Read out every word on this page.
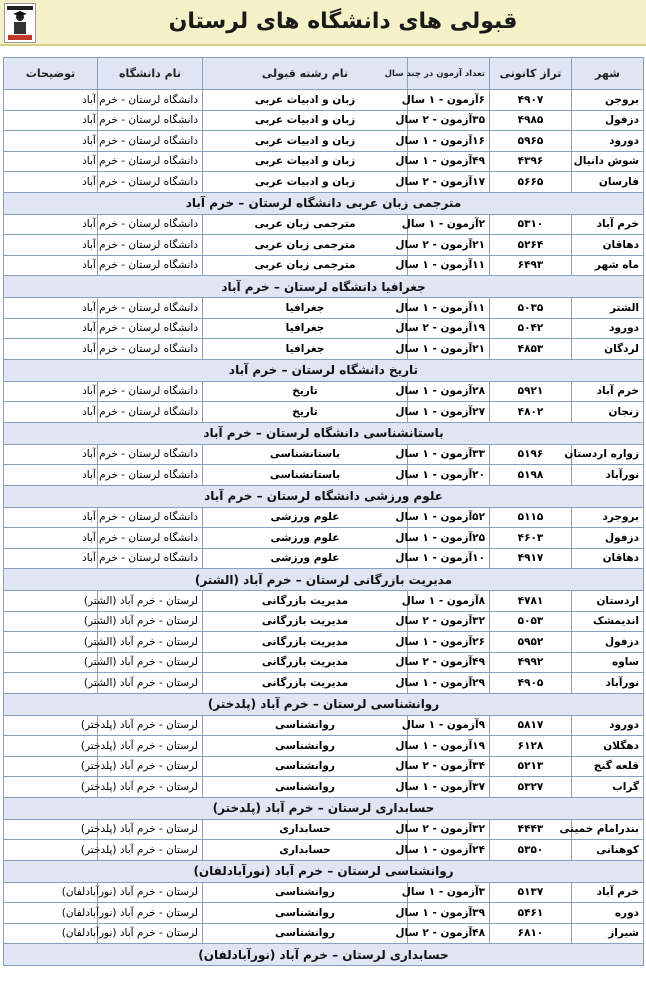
قبولی های دانشگاه های لرستان
شهر	تراز کانونی	تعداد آزمون در چند سال	نام رشته قبولی	نام دانشگاه	توضیحات
بروجن	۴۹۰۷	۶آزمون - ۱ سال	زبان و ادبیات عربی	دانشگاه لرستان - خرم آباد	
دزفول	۴۹۸۵	۳۵آزمون - ۲ سال	زبان و ادبیات عربی	دانشگاه لرستان - خرم آباد	
دورود	۵۹۶۵	۱۶آزمون - ۱ سال	زبان و ادبیات عربی	دانشگاه لرستان - خرم آباد	
شوش دانیال	۴۳۹۶	۴۹آزمون - ۱ سال	زبان و ادبیات عربی	دانشگاه لرستان - خرم آباد	
فارسان	۵۶۶۵	۱۷آزمون - ۲ سال	زبان و ادبیات عربی	دانشگاه لرستان - خرم آباد	
مترجمی زبان عربی دانشگاه لرستان – خرم آباد					
خرم آباد	۵۳۱۰	۲آزمون - ۱ سال	مترجمی زبان عربی	دانشگاه لرستان - خرم آباد	
دهاقان	۵۲۶۴	۲۱آزمون - ۲ سال	مترجمی زبان عربی	دانشگاه لرستان - خرم آباد	
ماه شهر	۶۴۹۳	۱۱آزمون - ۱ سال	مترجمی زبان عربی	دانشگاه لرستان - خرم آباد	
جغرافیا دانشگاه لرستان – خرم آباد					
الشتر	۵۰۳۵	۱۱آزمون - ۱ سال	جغرافیا	دانشگاه لرستان - خرم آباد	
دورود	۵۰۴۲	۱۹آزمون - ۲ سال	جغرافیا	دانشگاه لرستان - خرم آباد	
لردگان	۴۸۵۳	۲۱آزمون - ۱ سال	جغرافیا	دانشگاه لرستان - خرم آباد	
تاریخ دانشگاه لرستان – خرم آباد					
خرم آباد	۵۹۲۱	۲۸آزمون - ۱ سال	تاریخ	دانشگاه لرستان - خرم آباد	
زنجان	۴۸۰۲	۲۷آزمون - ۱ سال	تاریخ	دانشگاه لرستان - خرم آباد	
باستانشناسی دانشگاه لرستان – خرم آباد					
زواره اردستان	۵۱۹۶	۳۳آزمون - ۱ سال	باستانشناسی	دانشگاه لرستان - خرم آباد	
نورآباد	۵۱۹۸	۲۰آزمون - ۱ سال	باستانشناسی	دانشگاه لرستان - خرم آباد	
علوم ورزشی دانشگاه لرستان – خرم آباد					
بروجرد	۵۱۱۵	۵۲آزمون - ۱ سال	علوم ورزشی	دانشگاه لرستان - خرم آباد	
دزفول	۴۶۰۳	۲۵آزمون - ۱ سال	علوم ورزشی	دانشگاه لرستان - خرم آباد	
دهاقان	۴۹۱۷	۱۰آزمون - ۱ سال	علوم ورزشی	دانشگاه لرستان - خرم آباد	
مدیریت بازرگانی لرستان – خرم آباد (الشتر)					
اردستان	۴۷۸۱	۸آزمون - ۱ سال	مدیریت بازرگانی	لرستان - خرم آباد (الشتر)	
اندیمشک	۵۰۵۳	۳۲آزمون - ۲ سال	مدیریت بازرگانی	لرستان - خرم آباد (الشتر)	
دزفول	۵۹۵۲	۲۶آزمون - ۱ سال	مدیریت بازرگانی	لرستان - خرم آباد (الشتر)	
ساوه	۴۹۹۲	۴۹آزمون - ۲ سال	مدیریت بازرگانی	لرستان - خرم آباد (الشتر)	
نورآباد	۴۹۰۵	۲۹آزمون - ۱ سال	مدیریت بازرگانی	لرستان - خرم آباد (الشتر)	
روانشناسی لرستان – خرم آباد (پلدختر)					
دورود	۵۸۱۷	۹آزمون - ۱ سال	روانشناسی	لرستان - خرم آباد (پلدختر)	
دهگلان	۶۱۲۸	۱۹آزمون - ۱ سال	روانشناسی	لرستان - خرم آباد (پلدختر)	
قلعه گنج	۵۲۱۳	۳۴آزمون - ۲ سال	روانشناسی	لرستان - خرم آباد (پلدختر)	
گراب	۵۳۲۷	۳۷آزمون - ۱ سال	روانشناسی	لرستان - خرم آباد (پلدختر)	
حسابداری لرستان – خرم آباد (پلدختر)					
بندرامام خمینی	۴۴۴۳	۳۲آزمون - ۲ سال	حسابداری	لرستان - خرم آباد (پلدختر)	
کوهنانی	۵۳۵۰	۲۴آزمون - ۱ سال	حسابداری	لرستان - خرم آباد (پلدختر)	
روانشناسی لرستان – خرم آباد (نورآبادلفان)					
خرم آباد	۵۱۳۷	۳آزمون - ۱ سال	روانشناسی	لرستان - خرم آباد (نورآبادلفان)	
دوره	۵۴۶۱	۳۹آزمون - ۱ سال	روانشناسی	لرستان - خرم آباد (نورآبادلفان)	
شیراز	۶۸۱۰	۴۸آزمون - ۲ سال	روانشناسی	لرستان - خرم آباد (نورآبادلفان)	
حسابداری لرستان – خرم آباد (نورآبادلفان)					
